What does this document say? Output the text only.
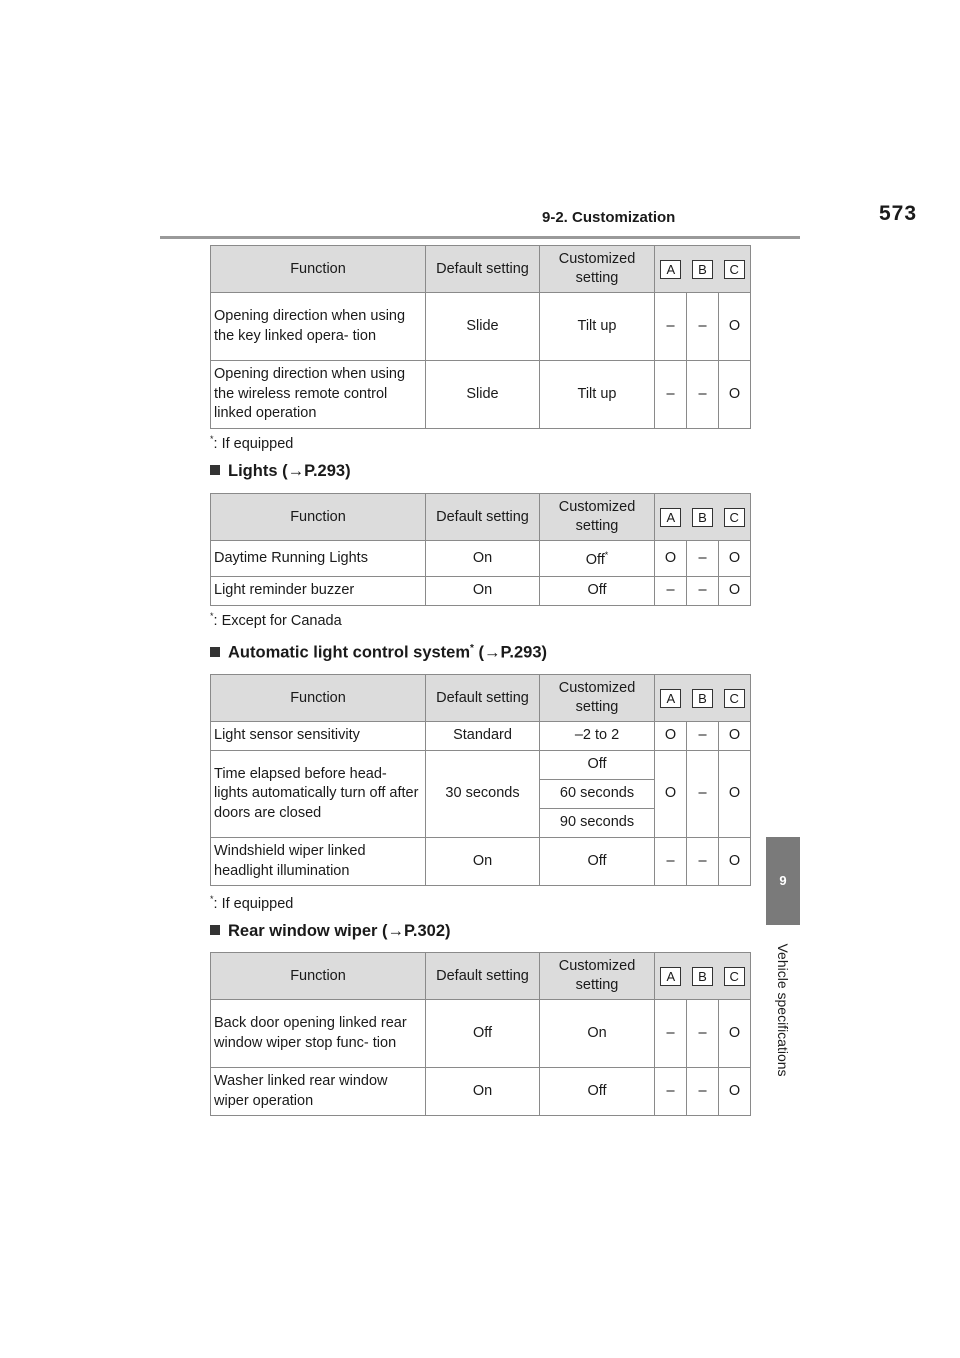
9-2. Customization	573
9
Vehicle specifications
Function	Default setting	Customized setting	A B C		

Opening direction when using the key linked opera- tion	Slide	Tilt up	–	–	O
Opening direction when using the wireless remote control linked operation	Slide	Tilt up	–	–	O
*: If equipped
Lights (→P.293)
Function	Default setting	Customized setting	A B C		

Daytime Running Lights	On	Off*	O	–	O
Light reminder buzzer	On	Off	–	–	O
*: Except for Canada
Automatic light control system* (→P.293)
Function	Default setting	Customized setting	A B C		

Light sensor sensitivity	Standard	–2 to 2	O	–	O
Time elapsed before head- lights automatically turn off after doors are closed	30 seconds	Off	O	–	O
		60 seconds			
		90 seconds			
Windshield wiper linked headlight illumination	On	Off	–	–	O
*: If equipped
Rear window wiper (→P.302)
Function	Default setting	Customized setting	A B C		

Back door opening linked rear window wiper stop func- tion	Off	On	–	–	O
Washer linked rear window wiper operation	On	Off	–	–	O
